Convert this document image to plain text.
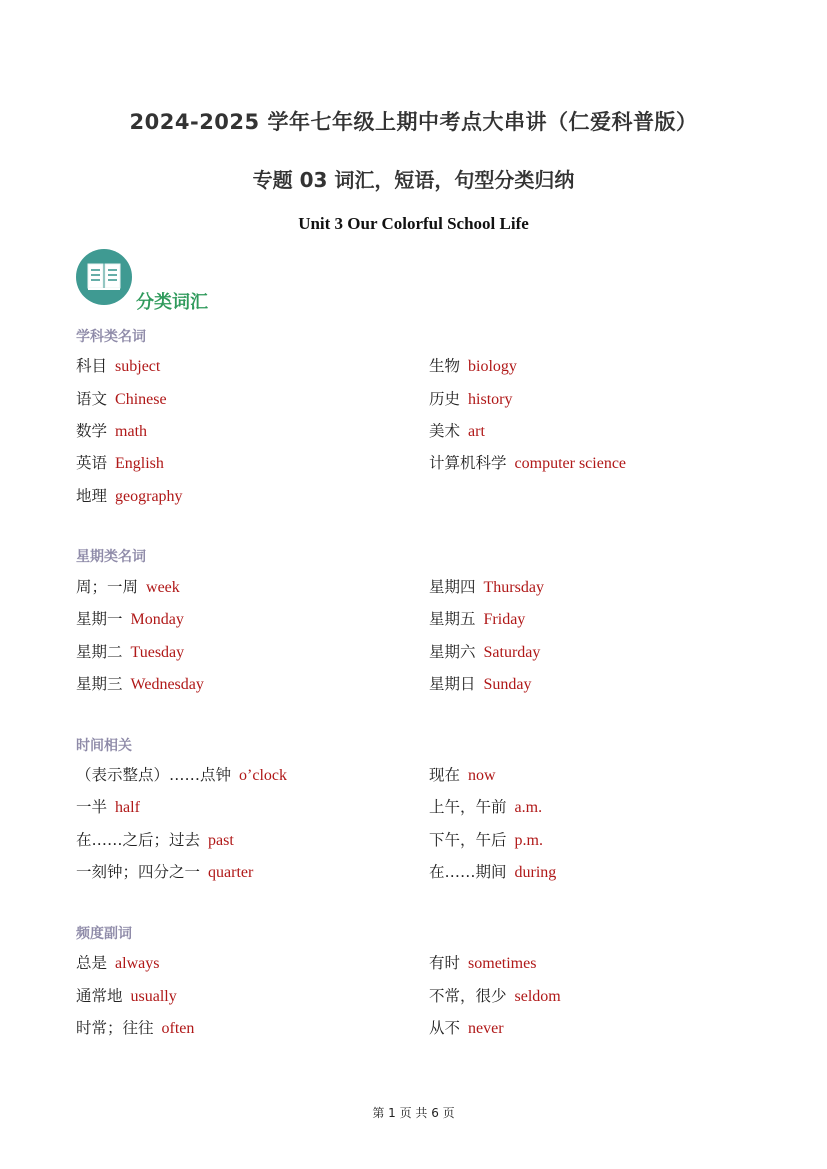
2024-2025 学年七年级上期中考点大串讲（仁爱科普版）
专题 03 词汇，短语，句型分类归纳
Unit 3 Our Colorful School Life
分类词汇
学科类名词
科目 subject
语文 Chinese
数学 math
英语 English
地理 geography
生物 biology
历史 history
美术 art
计算机科学 computer science
星期类名词
周；一周 week
星期一 Monday
星期二 Tuesday
星期三 Wednesday
星期四 Thursday
星期五 Friday
星期六 Saturday
星期日 Sunday
时间相关
（表示整点）……点钟 o’clock
一半 half
在……之后；过去 past
一刻钟；四分之一 quarter
现在 now
上午，午前 a.m.
下午，午后 p.m.
在……期间 during
频度副词
总是 always
通常地 usually
时常；往往 often
有时 sometimes
不常，很少 seldom
从不 never
第 1 页 共 6 页
